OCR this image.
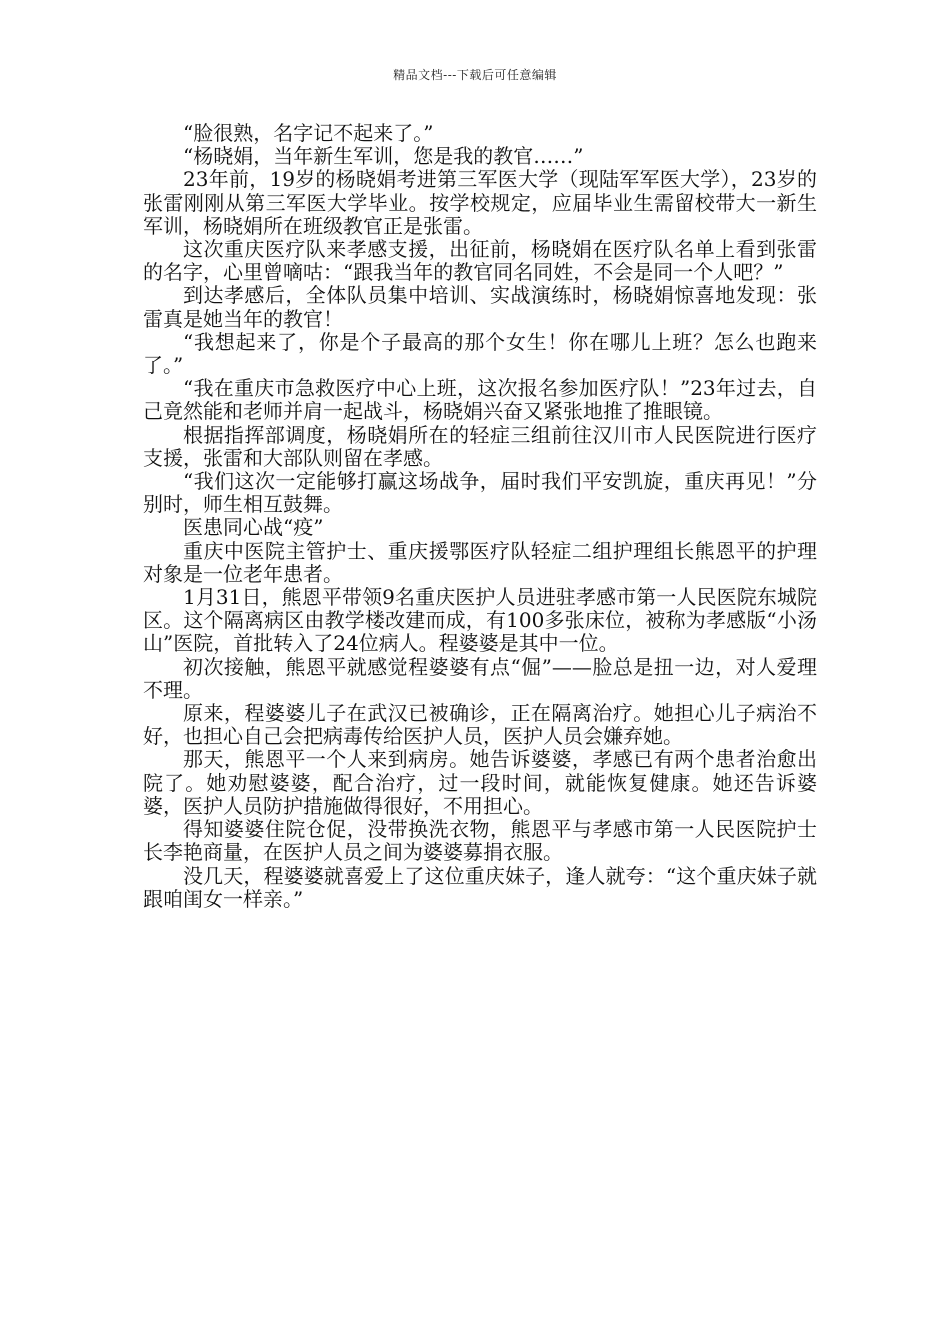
精品文档---下载后可任意编辑

“脸很熟，名字记不起来了。”

“杨晓娟，当年新生军训，您是我的教官……”

23年前，19岁的杨晓娟考进第三军医大学（现陆军军医大学），23岁的张雷刚刚从第三军医大学毕业。按学校规定，应届毕业生需留校带大一新生军训，杨晓娟所在班级教官正是张雷。

这次重庆医疗队来孝感支援，出征前，杨晓娟在医疗队名单上看到张雷的名字，心里曾嘀咕：“跟我当年的教官同名同姓，不会是同一个人吧？”

到达孝感后，全体队员集中培训、实战演练时，杨晓娟惊喜地发现：张雷真是她当年的教官！

“我想起来了，你是个子最高的那个女生！你在哪儿上班？怎么也跑来了。”

“我在重庆市急救医疗中心上班，这次报名参加医疗队！”23年过去，自己竟然能和老师并肩一起战斗，杨晓娟兴奋又紧张地推了推眼镜。

根据指挥部调度，杨晓娟所在的轻症三组前往汉川市人民医院进行医疗支援，张雷和大部队则留在孝感。

“我们这次一定能够打赢这场战争，届时我们平安凯旋，重庆再见！”分别时，师生相互鼓舞。

医患同心战“疫”

重庆中医院主管护士、重庆援鄂医疗队轻症二组护理组长熊恩平的护理对象是一位老年患者。

1月31日，熊恩平带领9名重庆医护人员进驻孝感市第一人民医院东城院区。这个隔离病区由教学楼改建而成，有100多张床位，被称为孝感版“小汤山”医院，首批转入了24位病人。程婆婆是其中一位。

初次接触，熊恩平就感觉程婆婆有点“倔”——脸总是扭一边，对人爱理不理。

原来，程婆婆儿子在武汉已被确诊，正在隔离治疗。她担心儿子病治不好，也担心自己会把病毒传给医护人员，医护人员会嫌弃她。

那天，熊恩平一个人来到病房。她告诉婆婆，孝感已有两个患者治愈出院了。她劝慰婆婆，配合治疗，过一段时间，就能恢复健康。她还告诉婆婆，医护人员防护措施做得很好，不用担心。

得知婆婆住院仓促，没带换洗衣物，熊恩平与孝感市第一人民医院护士长李艳商量，在医护人员之间为婆婆募捐衣服。

没几天，程婆婆就喜爱上了这位重庆妹子，逢人就夸：“这个重庆妹子就跟咱闺女一样亲。”
